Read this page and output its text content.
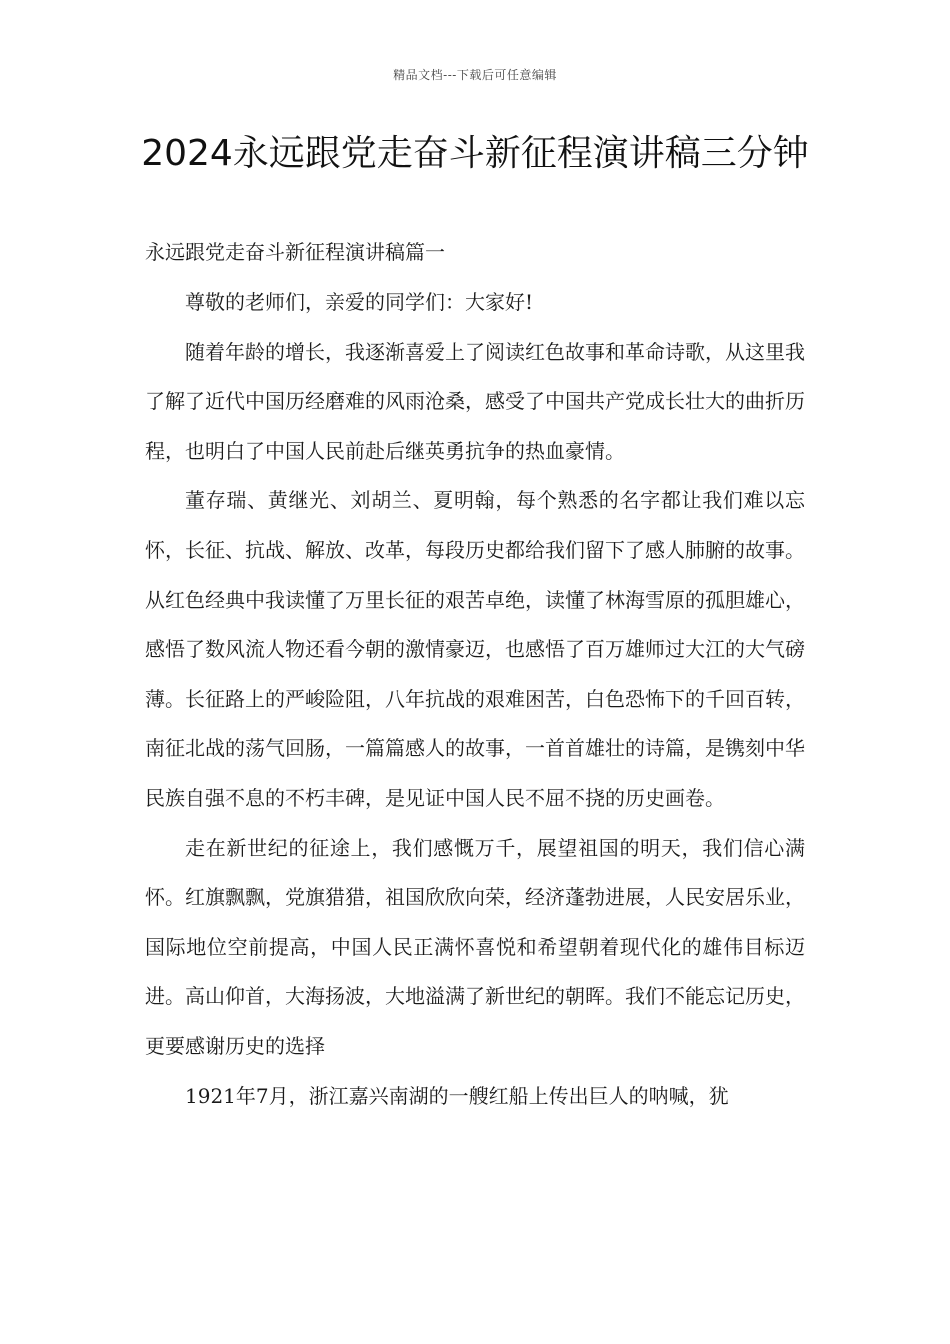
精品文档---下载后可任意编辑
2024永远跟党走奋斗新征程演讲稿三分钟
永远跟党走奋斗新征程演讲稿篇一

尊敬的老师们，亲爱的同学们：大家好!

随着年龄的增长，我逐渐喜爱上了阅读红色故事和革命诗歌，从这里我了解了近代中国历经磨难的风雨沧桑，感受了中国共产党成长壮大的曲折历程，也明白了中国人民前赴后继英勇抗争的热血豪情。

董存瑞、黄继光、刘胡兰、夏明翰，每个熟悉的名字都让我们难以忘怀，长征、抗战、解放、改革，每段历史都给我们留下了感人肺腑的故事。从红色经典中我读懂了万里长征的艰苦卓绝，读懂了林海雪原的孤胆雄心，感悟了数风流人物还看今朝的激情豪迈，也感悟了百万雄师过大江的大气磅薄。长征路上的严峻险阻，八年抗战的艰难困苦，白色恐怖下的千回百转，南征北战的荡气回肠，一篇篇感人的故事，一首首雄壮的诗篇，是镌刻中华民族自强不息的不朽丰碑，是见证中国人民不屈不挠的历史画卷。

走在新世纪的征途上，我们感慨万千，展望祖国的明天，我们信心满怀。红旗飘飘，党旗猎猎，祖国欣欣向荣，经济蓬勃进展，人民安居乐业，国际地位空前提高，中国人民正满怀喜悦和希望朝着现代化的雄伟目标迈进。高山仰首，大海扬波，大地溢满了新世纪的朝晖。我们不能忘记历史，更要感谢历史的选择

1921年7月，浙江嘉兴南湖的一艘红船上传出巨人的呐喊，犹
